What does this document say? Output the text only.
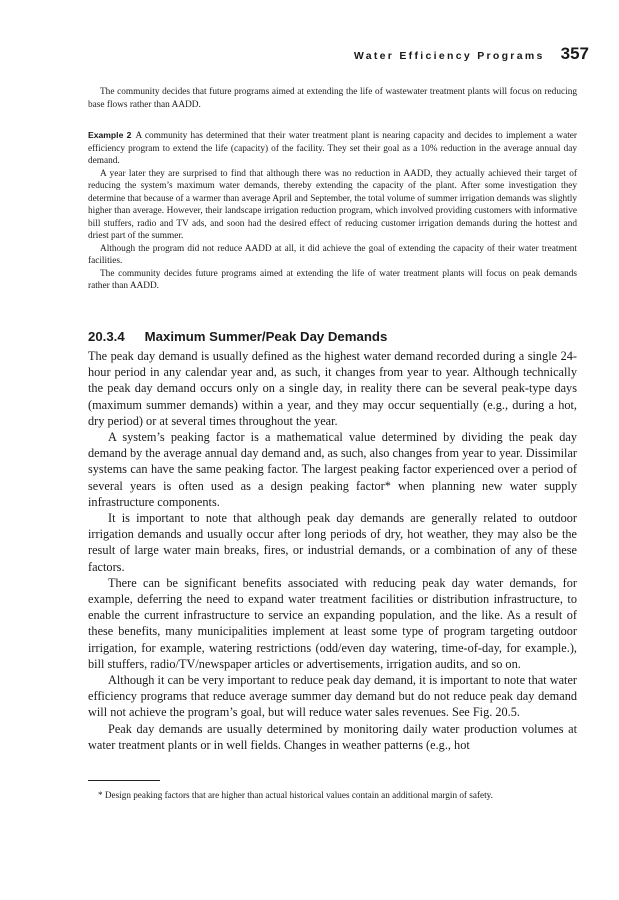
Water Efficiency Programs 357

The community decides that future programs aimed at extending the life of wastewater treatment plants will focus on reducing base flows rather than AADD.

Example 2 A community has determined that their water treatment plant is nearing capacity and decides to implement a water efficiency program to extend the life (capacity) of the facility. They set their goal as a 10% reduction in the average annual day demand.

A year later they are surprised to find that although there was no reduction in AADD, they actually achieved their target of reducing the system’s maximum water demands, thereby extending the capacity of the plant. After some investigation they determine that because of a warmer than average April and September, the total volume of summer irrigation demands was slightly higher than average. However, their landscape irrigation reduction program, which involved providing customers with informative bill stuffers, radio and TV ads, and soon had the desired effect of reducing customer irrigation demands during the hottest and driest part of the summer.

Although the program did not reduce AADD at all, it did achieve the goal of extending the capacity of their water treatment facilities.

The community decides future programs aimed at extending the life of water treatment plants will focus on peak demands rather than AADD.

20.3.4 Maximum Summer/Peak Day Demands

The peak day demand is usually defined as the highest water demand recorded during a single 24-hour period in any calendar year and, as such, it changes from year to year. Although technically the peak day demand occurs only on a single day, in reality there can be several peak-type days (maximum summer demands) within a year, and they may occur sequentially (e.g., during a hot, dry period) or at several times throughout the year.

A system’s peaking factor is a mathematical value determined by dividing the peak day demand by the average annual day demand and, as such, also changes from year to year. Dissimilar systems can have the same peaking factor. The largest peaking factor experienced over a period of several years is often used as a design peaking factor* when planning new water supply infrastructure components.

It is important to note that although peak day demands are generally related to outdoor irrigation demands and usually occur after long periods of dry, hot weather, they may also be the result of large water main breaks, fires, or industrial demands, or a combination of any of these factors.

There can be significant benefits associated with reducing peak day water demands, for example, deferring the need to expand water treatment facilities or distribution infrastructure, to enable the current infrastructure to service an expanding population, and the like. As a result of these benefits, many municipalities implement at least some type of program targeting outdoor irrigation, for example, watering restrictions (odd/even day watering, time-of-day, for example.), bill stuffers, radio/TV/newspaper articles or advertisements, irrigation audits, and so on.

Although it can be very important to reduce peak day demand, it is important to note that water efficiency programs that reduce average summer day demand but do not reduce peak day demand will not achieve the program’s goal, but will reduce water sales revenues. See Fig. 20.5.

Peak day demands are usually determined by monitoring daily water production volumes at water treatment plants or in well fields. Changes in weather patterns (e.g., hot

* Design peaking factors that are higher than actual historical values contain an additional margin of safety.
